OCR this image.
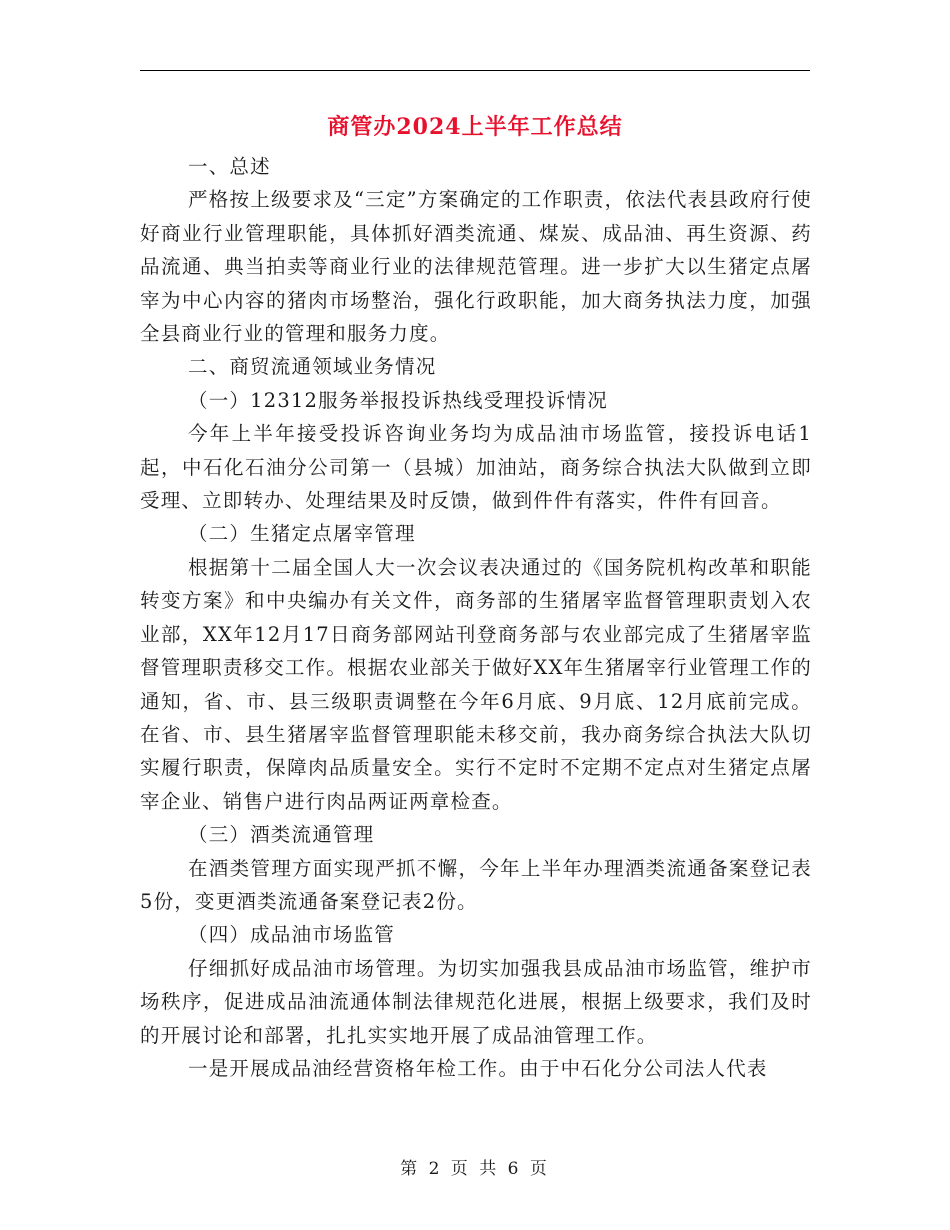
商管办2024上半年工作总结

一、总述

严格按上级要求及“三定”方案确定的工作职责，依法代表县政府行使好商业行业管理职能，具体抓好酒类流通、煤炭、成品油、再生资源、药品流通、典当拍卖等商业行业的法律规范管理。进一步扩大以生猪定点屠宰为中心内容的猪肉市场整治，强化行政职能，加大商务执法力度，加强全县商业行业的管理和服务力度。

二、商贸流通领域业务情况

（一）12312服务举报投诉热线受理投诉情况

今年上半年接受投诉咨询业务均为成品油市场监管，接投诉电话1起，中石化石油分公司第一（县城）加油站，商务综合执法大队做到立即受理、立即转办、处理结果及时反馈，做到件件有落实，件件有回音。

（二）生猪定点屠宰管理

根据第十二届全国人大一次会议表决通过的《国务院机构改革和职能转变方案》和中央编办有关文件，商务部的生猪屠宰监督管理职责划入农业部，XX年12月17日商务部网站刊登商务部与农业部完成了生猪屠宰监督管理职责移交工作。根据农业部关于做好XX年生猪屠宰行业管理工作的通知，省、市、县三级职责调整在今年6月底、9月底、12月底前完成。在省、市、县生猪屠宰监督管理职能未移交前，我办商务综合执法大队切实履行职责，保障肉品质量安全。实行不定时不定期不定点对生猪定点屠宰企业、销售户进行肉品两证两章检查。

（三）酒类流通管理

在酒类管理方面实现严抓不懈，今年上半年办理酒类流通备案登记表5份，变更酒类流通备案登记表2份。

（四）成品油市场监管

仔细抓好成品油市场管理。为切实加强我县成品油市场监管，维护市场秩序，促进成品油流通体制法律规范化进展，根据上级要求，我们及时的开展讨论和部署，扎扎实实地开展了成品油管理工作。

一是开展成品油经营资格年检工作。由于中石化分公司法人代表

第 2 页 共 6 页
